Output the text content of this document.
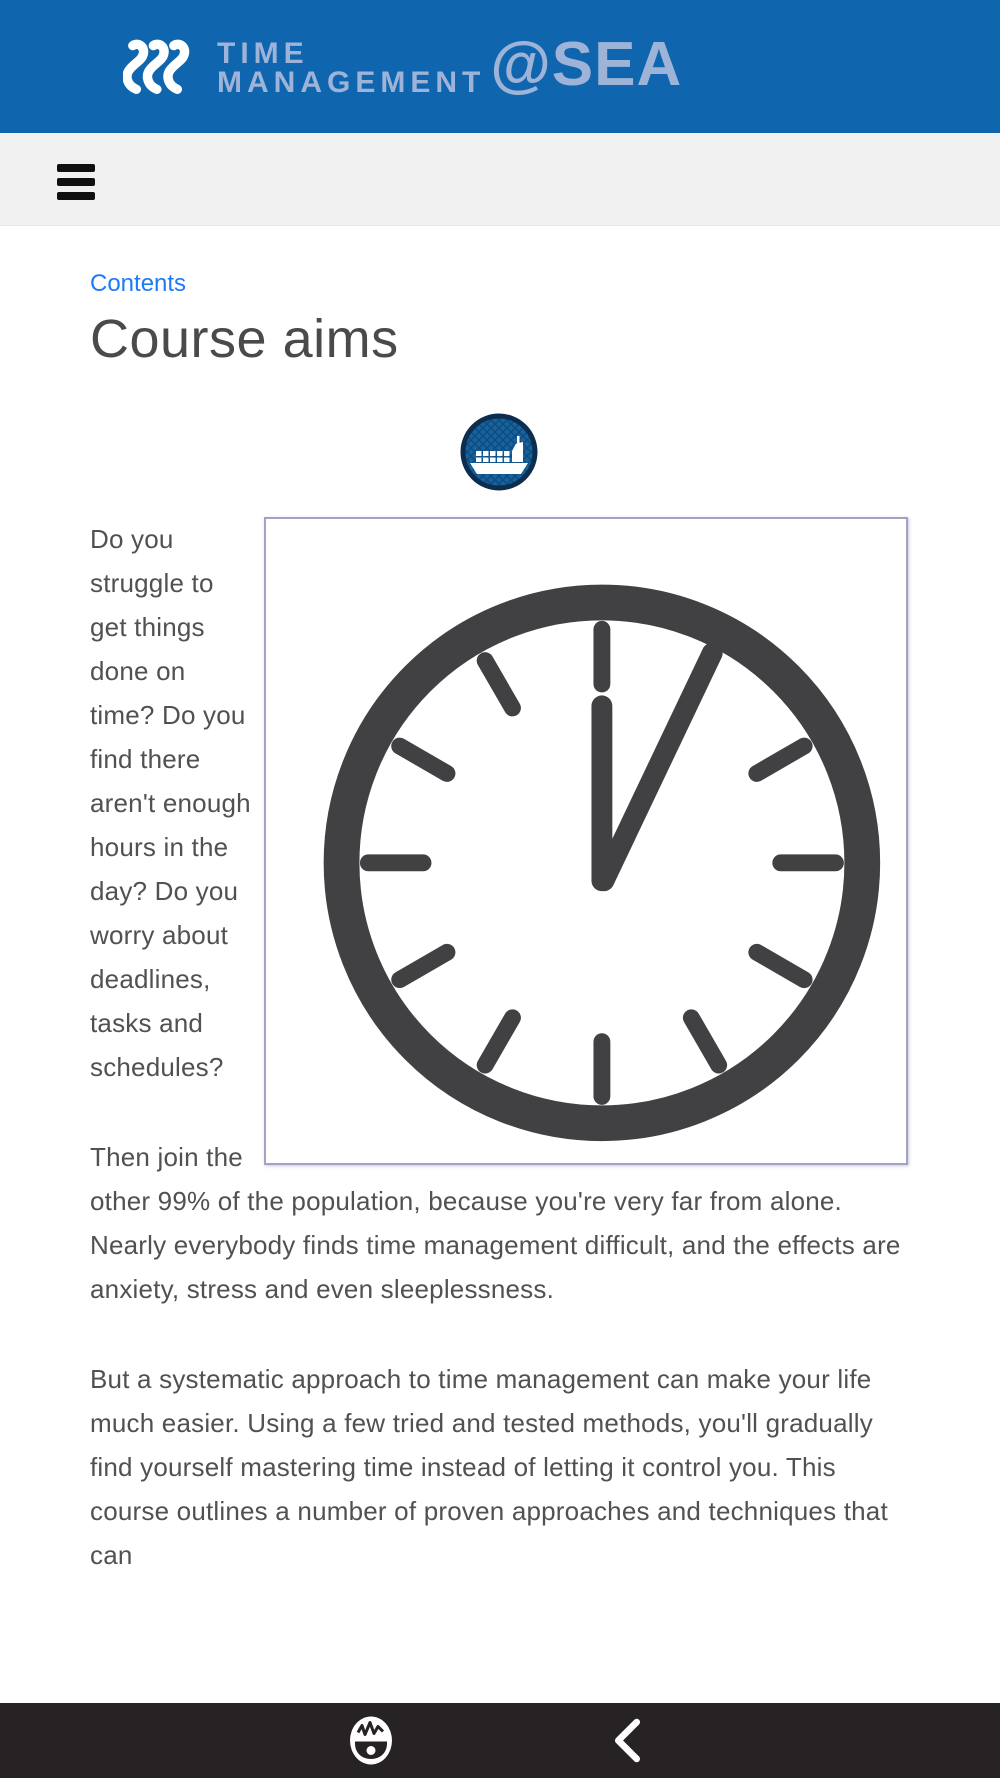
TIME
MANAGEMENT @SEA
Contents
Course aims

Do you struggle to get things done on time? Do you find there aren't enough hours in the day? Do you worry about deadlines, tasks and schedules?

Then join the other 99% of the population, because you're very far from alone. Nearly everybody finds time management difficult, and the effects are anxiety, stress and even sleeplessness.

But a systematic approach to time management can make your life much easier. Using a few tried and tested methods, you'll gradually find yourself mastering time instead of letting it control you. This course outlines a number of proven approaches and techniques that can
